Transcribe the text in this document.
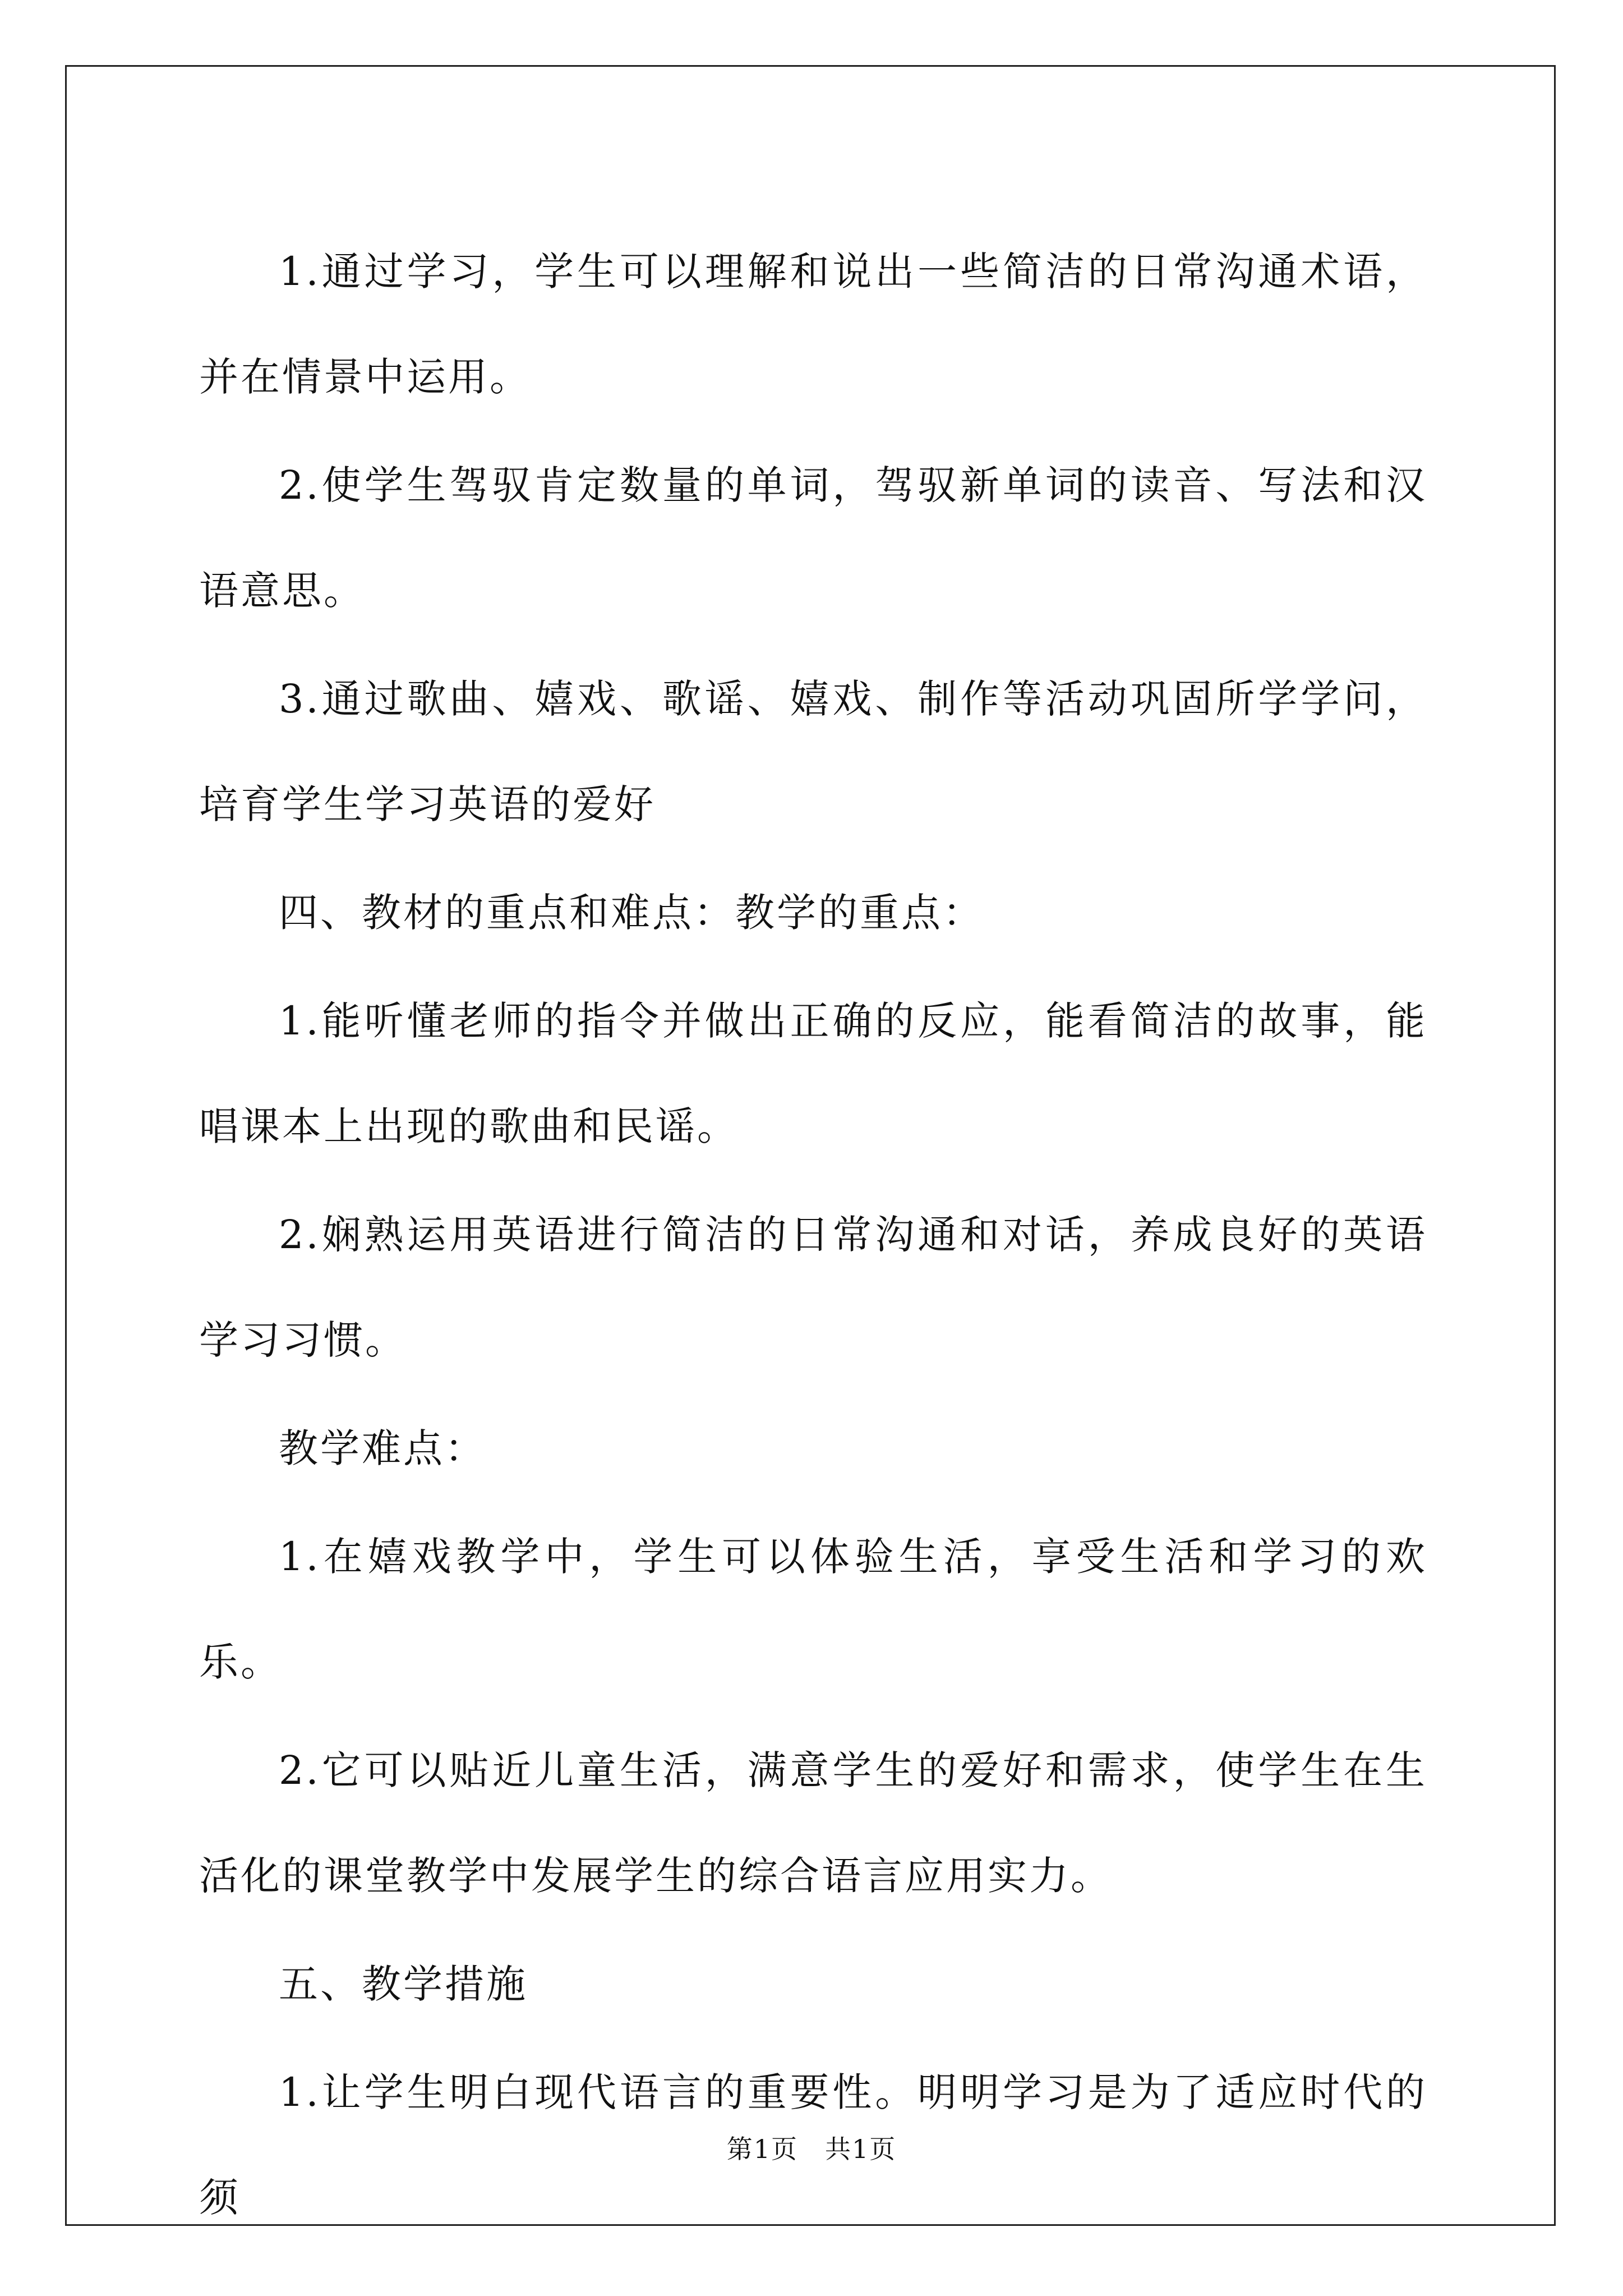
1.通过学习，学生可以理解和说出一些简洁的日常沟通术语，并在情景中运用。

2.使学生驾驭肯定数量的单词，驾驭新单词的读音、写法和汉语意思。

3.通过歌曲、嬉戏、歌谣、嬉戏、制作等活动巩固所学学问，培育学生学习英语的爱好

四、教材的重点和难点：教学的重点：

1.能听懂老师的指令并做出正确的反应，能看简洁的故事，能唱课本上出现的歌曲和民谣。

2.娴熟运用英语进行简洁的日常沟通和对话，养成良好的英语学习习惯。

教学难点：

1.在嬉戏教学中，学生可以体验生活，享受生活和学习的欢乐。

2.它可以贴近儿童生活，满意学生的爱好和需求，使学生在生活化的课堂教学中发展学生的综合语言应用实力。

五、教学措施

1.让学生明白现代语言的重要性。明明学习是为了适应时代的须

第1页　共1页
